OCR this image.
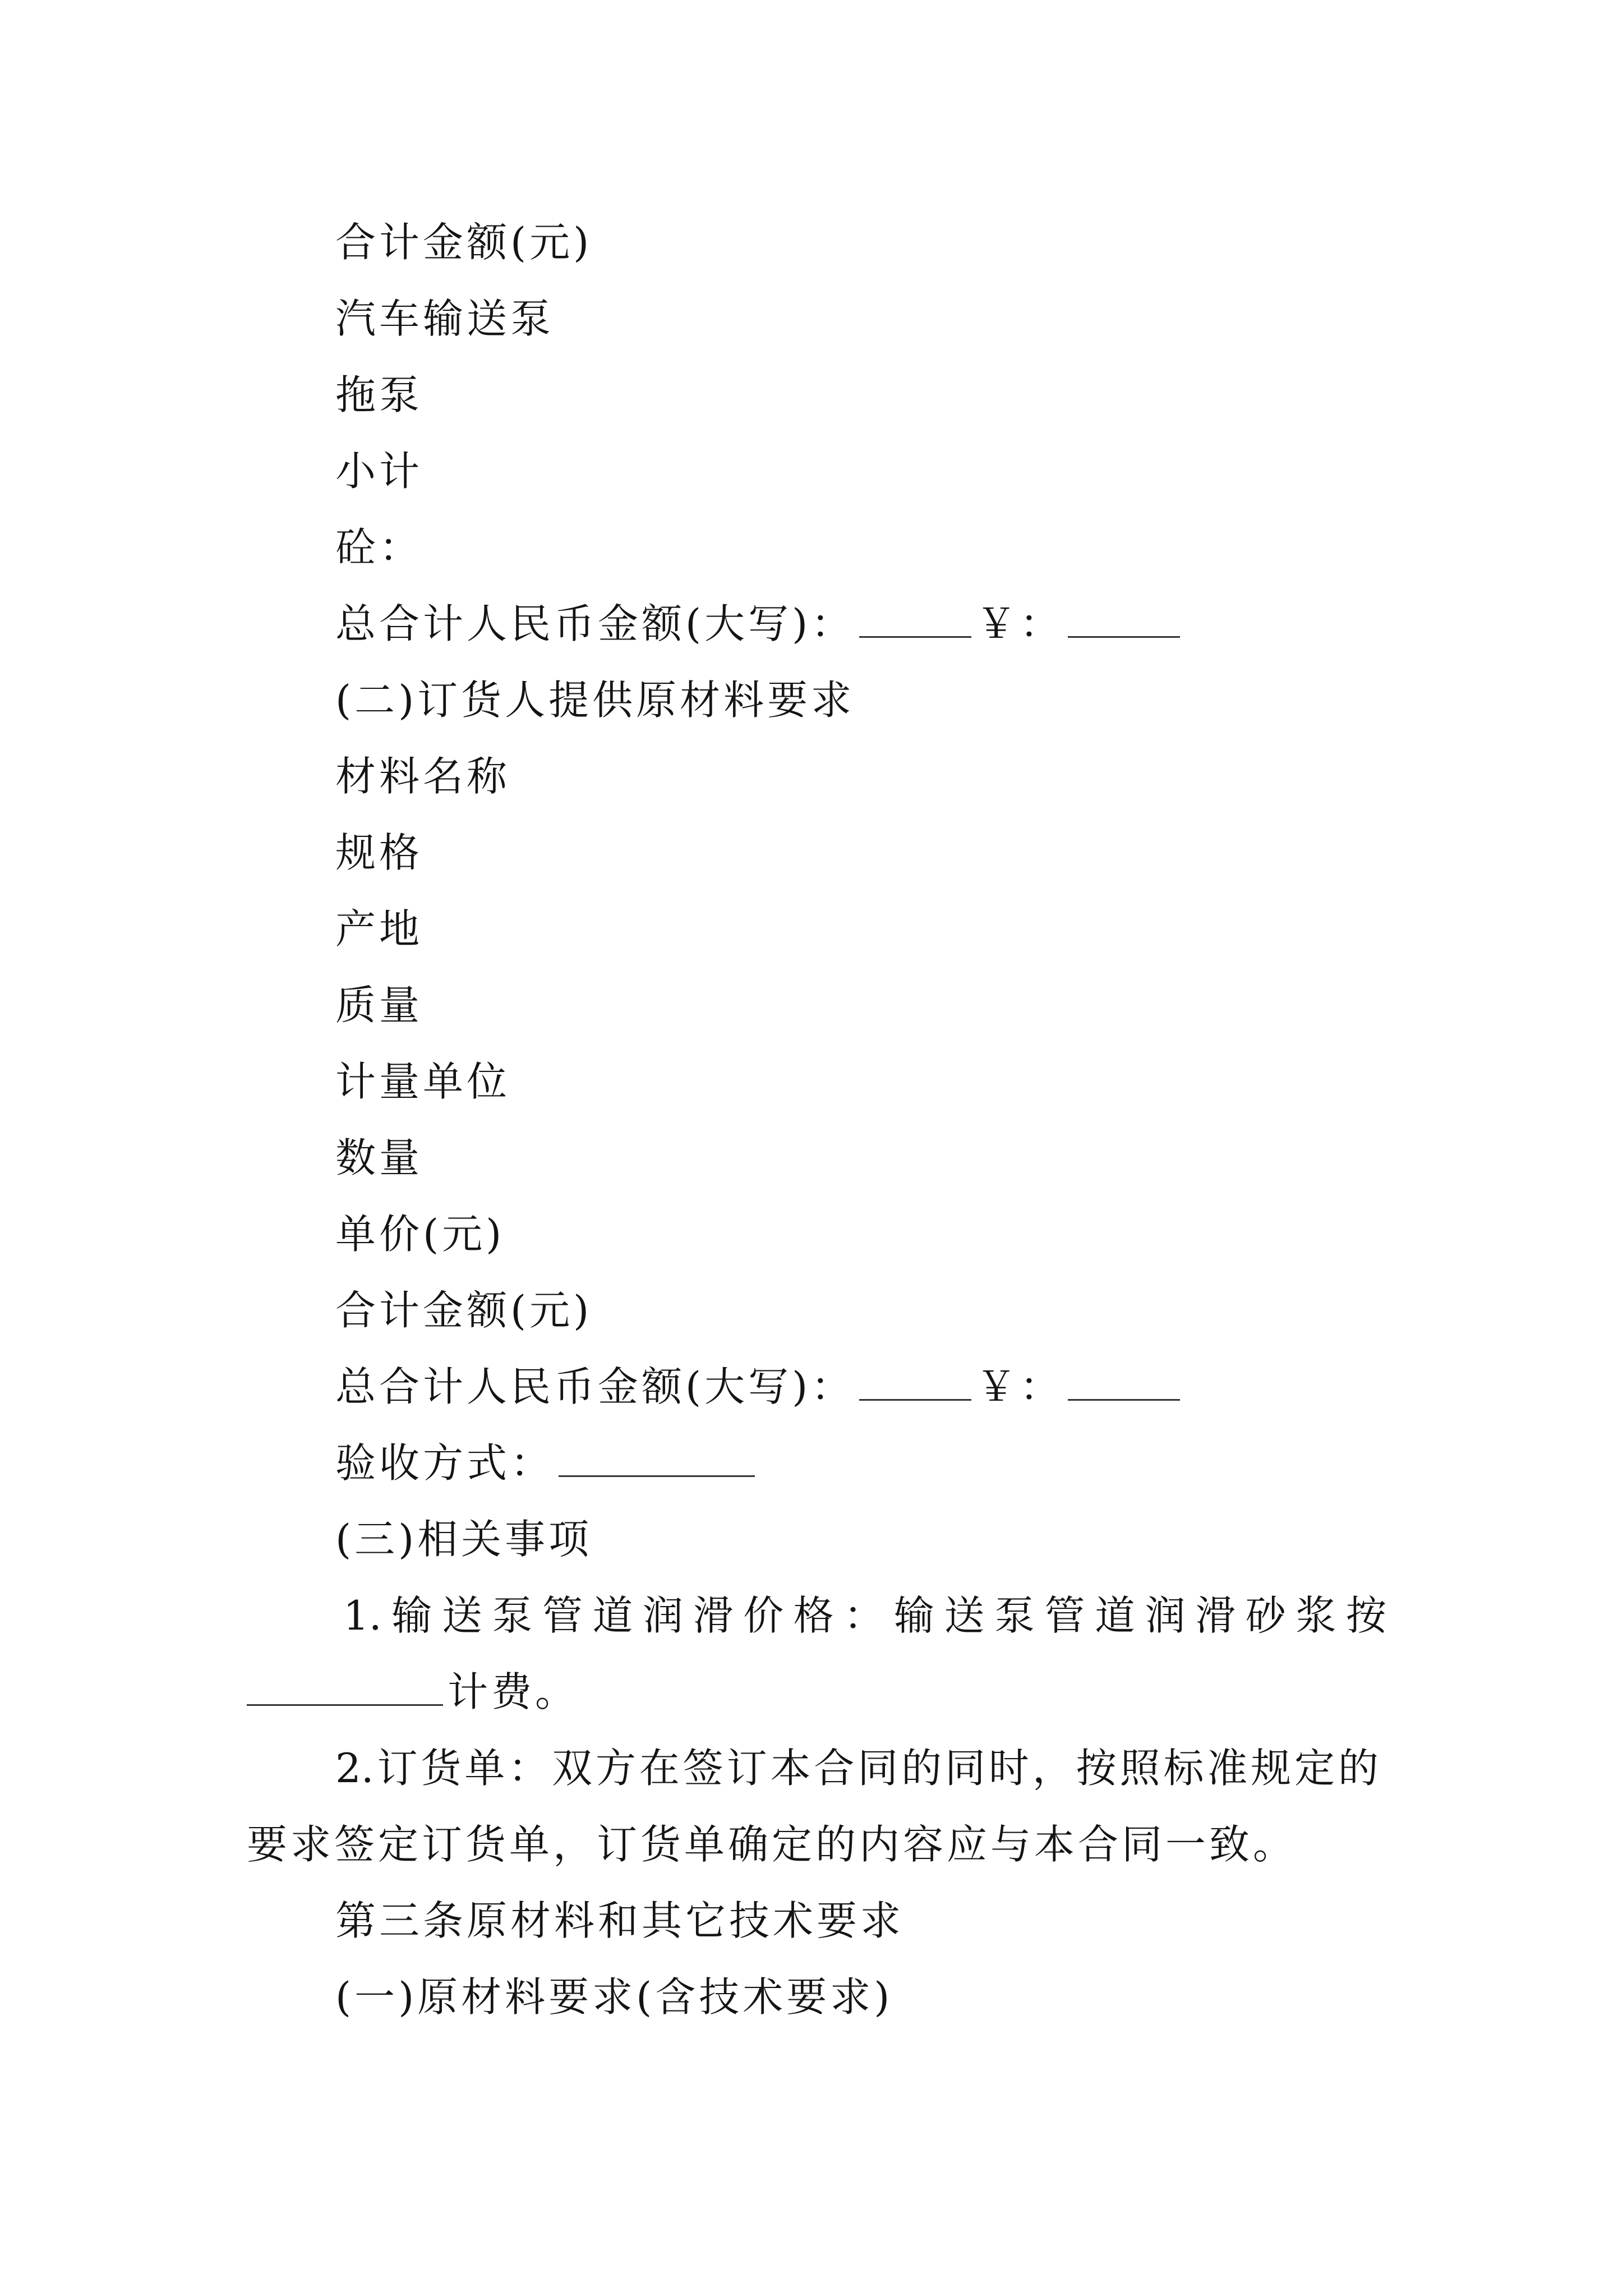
合计金额(元)
汽车输送泵
拖泵
小计
砼：
总合计人民币金额(大写)：	￥：
(二)订货人提供原材料要求
材料名称
规格
产地
质量
计量单位
数量
单价(元)
合计金额(元)
总合计人民币金额(大写)：	￥：
验收方式：
(三)相关事项
1.输送泵管道润滑价格：输送泵管道润滑砂浆按
计费。
2.订货单：双方在签订本合同的同时，按照标准规定的
要求签定订货单，订货单确定的内容应与本合同一致。
第三条原材料和其它技术要求
(一)原材料要求(含技术要求)
